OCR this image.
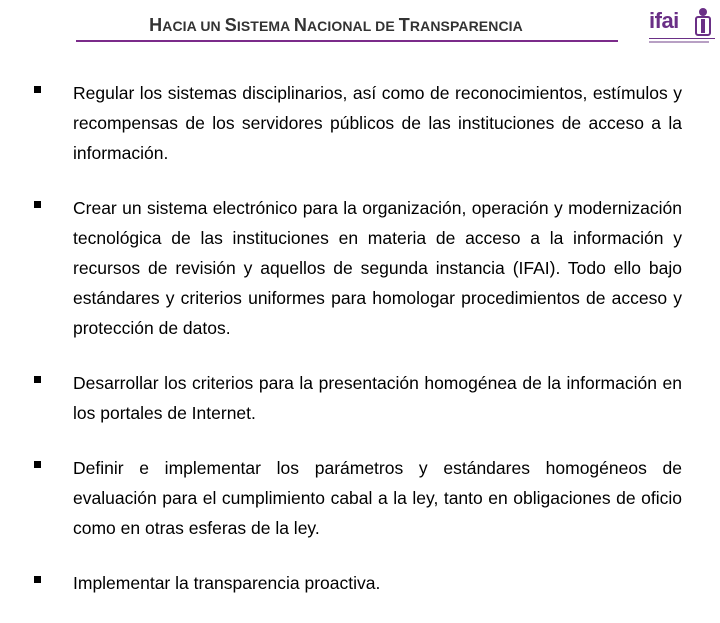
HACIA UN SISTEMA NACIONAL DE TRANSPARENCIA	ifai
Regular los sistemas disciplinarios, así como de reconocimientos, estímulos y recompensas de los servidores públicos de las instituciones de acceso a la información.
Crear un sistema electrónico para la organización, operación y modernización tecnológica de las instituciones en materia de acceso a la información y recursos de revisión y aquellos de segunda instancia (IFAI). Todo ello bajo estándares y criterios uniformes para homologar procedimientos de acceso y protección de datos.
Desarrollar los criterios para la presentación homogénea de la información en los portales de Internet.
Definir e implementar los parámetros y estándares homogéneos de evaluación para el cumplimiento cabal a la ley, tanto en obligaciones de oficio como en otras esferas de la ley.
Implementar la transparencia proactiva.
